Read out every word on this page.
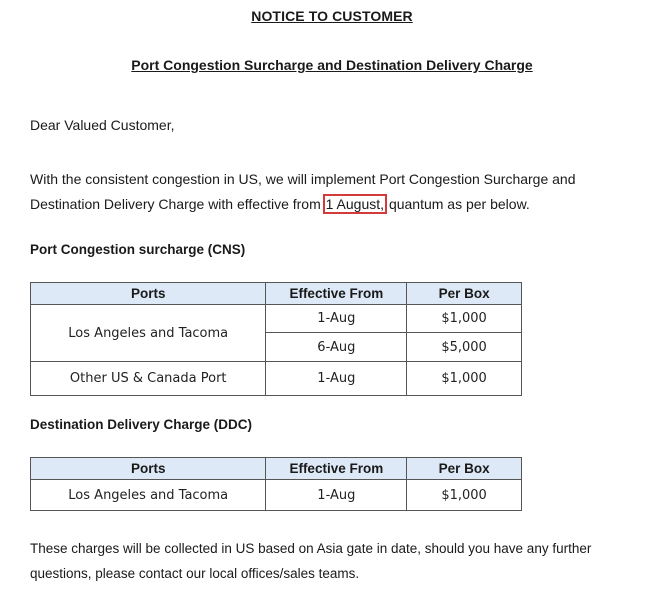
NOTICE TO CUSTOMER
Port Congestion Surcharge and Destination Delivery Charge
Dear Valued Customer,
With the consistent congestion in US, we will implement Port Congestion Surcharge and Destination Delivery Charge with effective from 1 August, quantum as per below.
Port Congestion surcharge (CNS)
Ports	Effective From	Per Box
Los Angeles and Tacoma	1-Aug	$1,000
	6-Aug	$5,000
Other US & Canada Port	1-Aug	$1,000
Destination Delivery Charge (DDC)
Ports	Effective From	Per Box
Los Angeles and Tacoma	1-Aug	$1,000
These charges will be collected in US based on Asia gate in date, should you have any further questions, please contact our local offices/sales teams.
